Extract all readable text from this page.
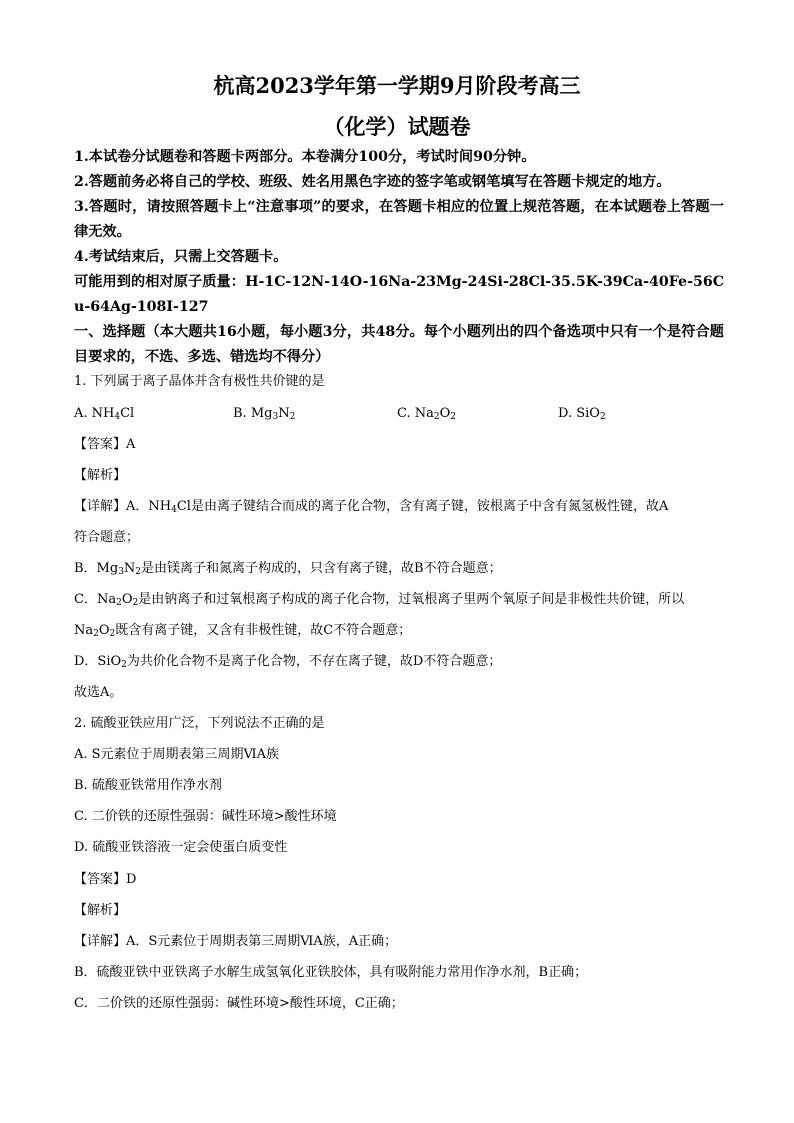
杭高2023学年第一学期9月阶段考高三
（化学）试题卷
1.本试卷分试题卷和答题卡两部分。本卷满分100分，考试时间90分钟。
2.答题前务必将自己的学校、班级、姓名用黑色字迹的签字笔或钢笔填写在答题卡规定的地方。
3.答题时，请按照答题卡上“注意事项”的要求，在答题卡相应的位置上规范答题，在本试题卷上答题一律无效。
4.考试结束后，只需上交答题卡。
可能用到的相对原子质量：H-1C-12N-14O-16Na-23Mg-24Si-28Cl-35.5K-39Ca-40Fe-56Cu-64Ag-108I-127
一、选择题（本大题共16小题，每小题3分，共48分。每个小题列出的四个备选项中只有一个是符合题目要求的，不选、多选、错选均不得分）
1. 下列属于离子晶体并含有极性共价键的是
A. $NH_4Cl$	B. $Mg_3N_2$	C. $Na_2O_2$	D. SiO$_2$
【答案】A
【解析】
【详解】A．$NH_4Cl$是由离子键结合而成的离子化合物，含有离子键，铵根离子中含有氮氢极性键，故A
符合题意；
B．$Mg_3N_2$是由镁离子和氮离子构成的，只含有离子键，故B不符合题意；
C．$Na_2O_2$是由钠离子和过氧根离子构成的离子化合物，过氧根离子里两个氧原子间是非极性共价键，所以
$Na_2O_2$既含有离子键，又含有非极性键，故C不符合题意；
D．SiO$_2$为共价化合物不是离子化合物，不存在离子键，故D不符合题意；
故选A。
2. 硫酸亚铁应用广泛，下列说法不正确的是
A. S元素位于周期表第三周期ⅥA族
B. 硫酸亚铁常用作净水剂
C. 二价铁的还原性强弱：碱性环境>酸性环境
D. 硫酸亚铁溶液一定会使蛋白质变性
【答案】D
【解析】
【详解】A．S元素位于周期表第三周期ⅥA族，A正确；
B．硫酸亚铁中亚铁离子水解生成氢氧化亚铁胶体，具有吸附能力常用作净水剂，B正确；
C．二价铁的还原性强弱：碱性环境>酸性环境，C正确；
